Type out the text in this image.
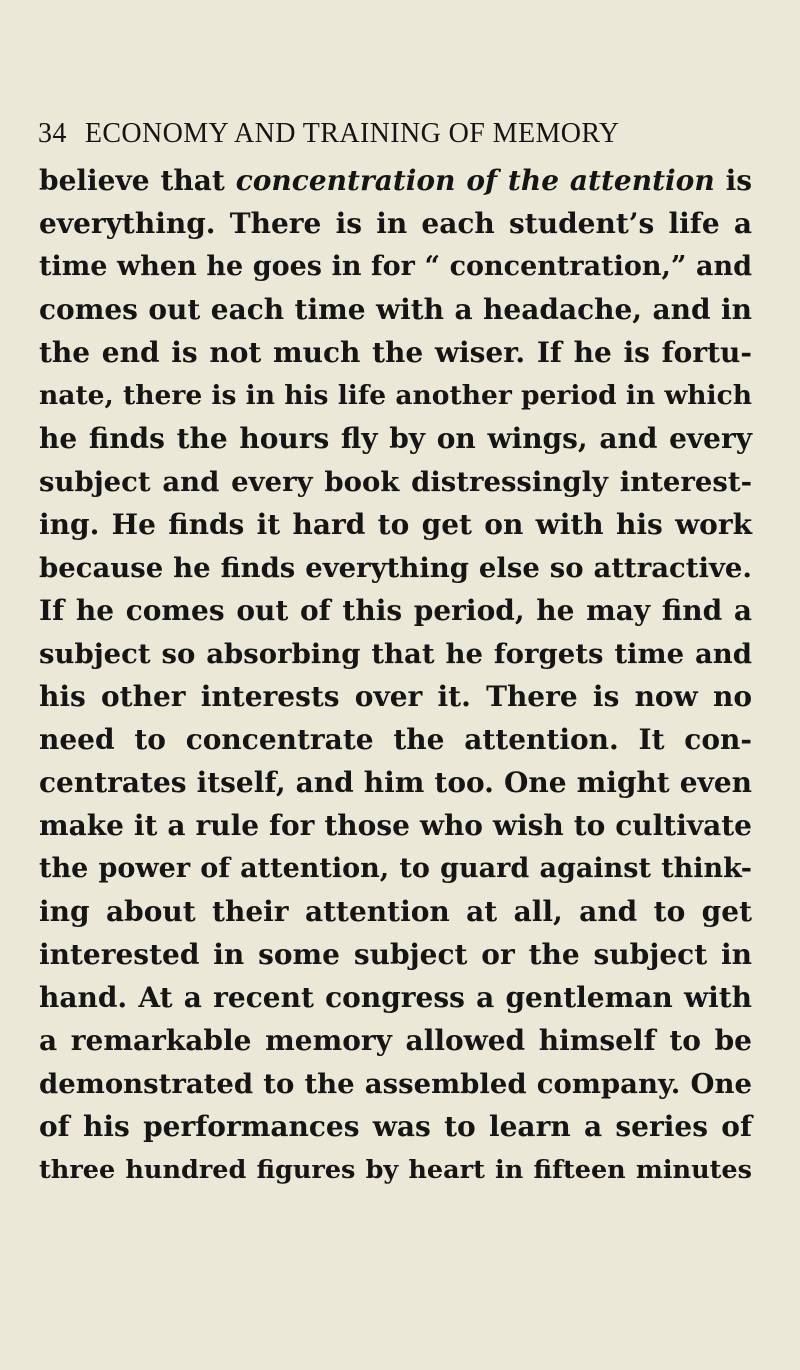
34 ECONOMY AND TRAINING OF MEMORY
believe that concentration of the attention is
everything. There is in each student’s life a
time when he goes in for “ concentration,” and
comes out each time with a headache, and in
the end is not much the wiser. If he is fortu-
nate, there is in his life another period in which
he finds the hours fly by on wings, and every
subject and every book distressingly interest-
ing. He finds it hard to get on with his work
because he finds everything else so attractive.
If he comes out of this period, he may find a
subject so absorbing that he forgets time and
his other interests over it. There is now no
need to concentrate the attention. It con-
centrates itself, and him too. One might even
make it a rule for those who wish to cultivate
the power of attention, to guard against think-
ing about their attention at all, and to get
interested in some subject or the subject in
hand. At a recent congress a gentleman with
a remarkable memory allowed himself to be
demonstrated to the assembled company. One
of his performances was to learn a series of
three hundred figures by heart in fifteen minutes
